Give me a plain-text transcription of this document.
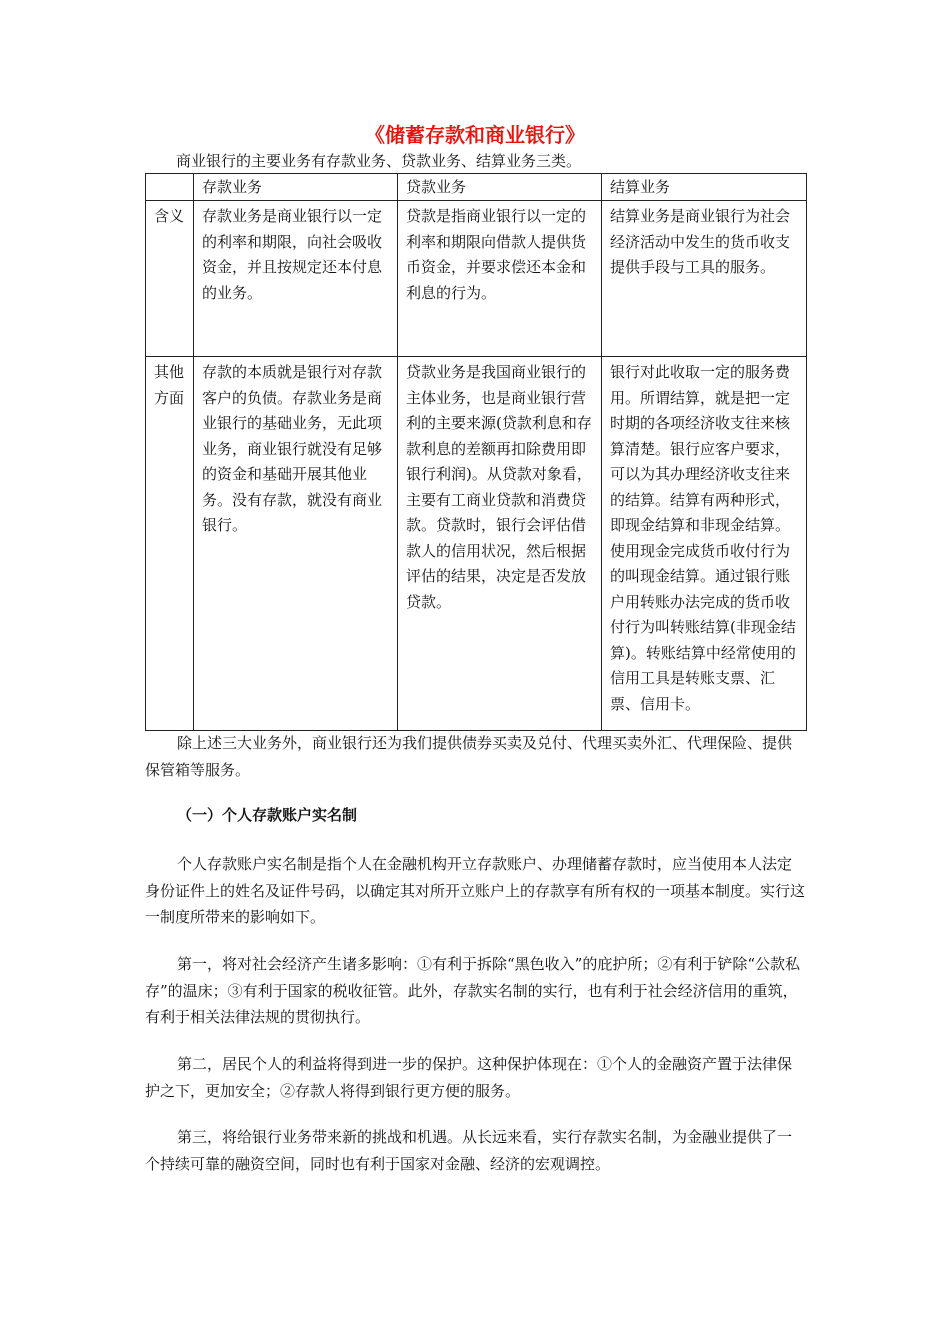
《储蓄存款和商业银行》
商业银行的主要业务有存款业务、贷款业务、结算业务三类。
	存款业务	贷款业务	结算业务
含义	存款业务是商业银行以一定的利率和期限，向社会吸收资金，并且按规定还本付息的业务。	贷款是指商业银行以一定的利率和期限向借款人提供货币资金，并要求偿还本金和利息的行为。	结算业务是商业银行为社会经济活动中发生的货币收支提供手段与工具的服务。
其他方面	存款的本质就是银行对存款客户的负债。存款业务是商业银行的基础业务，无此项业务，商业银行就没有足够的资金和基础开展其他业务。没有存款，就没有商业银行。	贷款业务是我国商业银行的主体业务，也是商业银行营利的主要来源(贷款利息和存款利息的差额再扣除费用即银行利润)。从贷款对象看，主要有工商业贷款和消费贷款。贷款时，银行会评估借款人的信用状况，然后根据评估的结果，决定是否发放贷款。	银行对此收取一定的服务费用。所谓结算，就是把一定时期的各项经济收支往来核算清楚。银行应客户要求，可以为其办理经济收支往来的结算。结算有两种形式，即现金结算和非现金结算。使用现金完成货币收付行为的叫现金结算。通过银行账户用转账办法完成的货币收付行为叫转账结算(非现金结算)。转账结算中经常使用的信用工具是转账支票、汇票、信用卡。

除上述三大业务外，商业银行还为我们提供债券买卖及兑付、代理买卖外汇、代理保险、提供保管箱等服务。

（一）个人存款账户实名制

个人存款账户实名制是指个人在金融机构开立存款账户、办理储蓄存款时，应当使用本人法定身份证件上的姓名及证件号码，以确定其对所开立账户上的存款享有所有权的一项基本制度。实行这一制度所带来的影响如下。

第一，将对社会经济产生诸多影响：①有利于拆除“黑色收入”的庇护所；②有利于铲除“公款私存”的温床；③有利于国家的税收征管。此外，存款实名制的实行，也有利于社会经济信用的重筑，有利于相关法律法规的贯彻执行。

第二，居民个人的利益将得到进一步的保护。这种保护体现在：①个人的金融资产置于法律保护之下，更加安全；②存款人将得到银行更方便的服务。

第三，将给银行业务带来新的挑战和机遇。从长远来看，实行存款实名制，为金融业提供了一个持续可靠的融资空间，同时也有利于国家对金融、经济的宏观调控。
